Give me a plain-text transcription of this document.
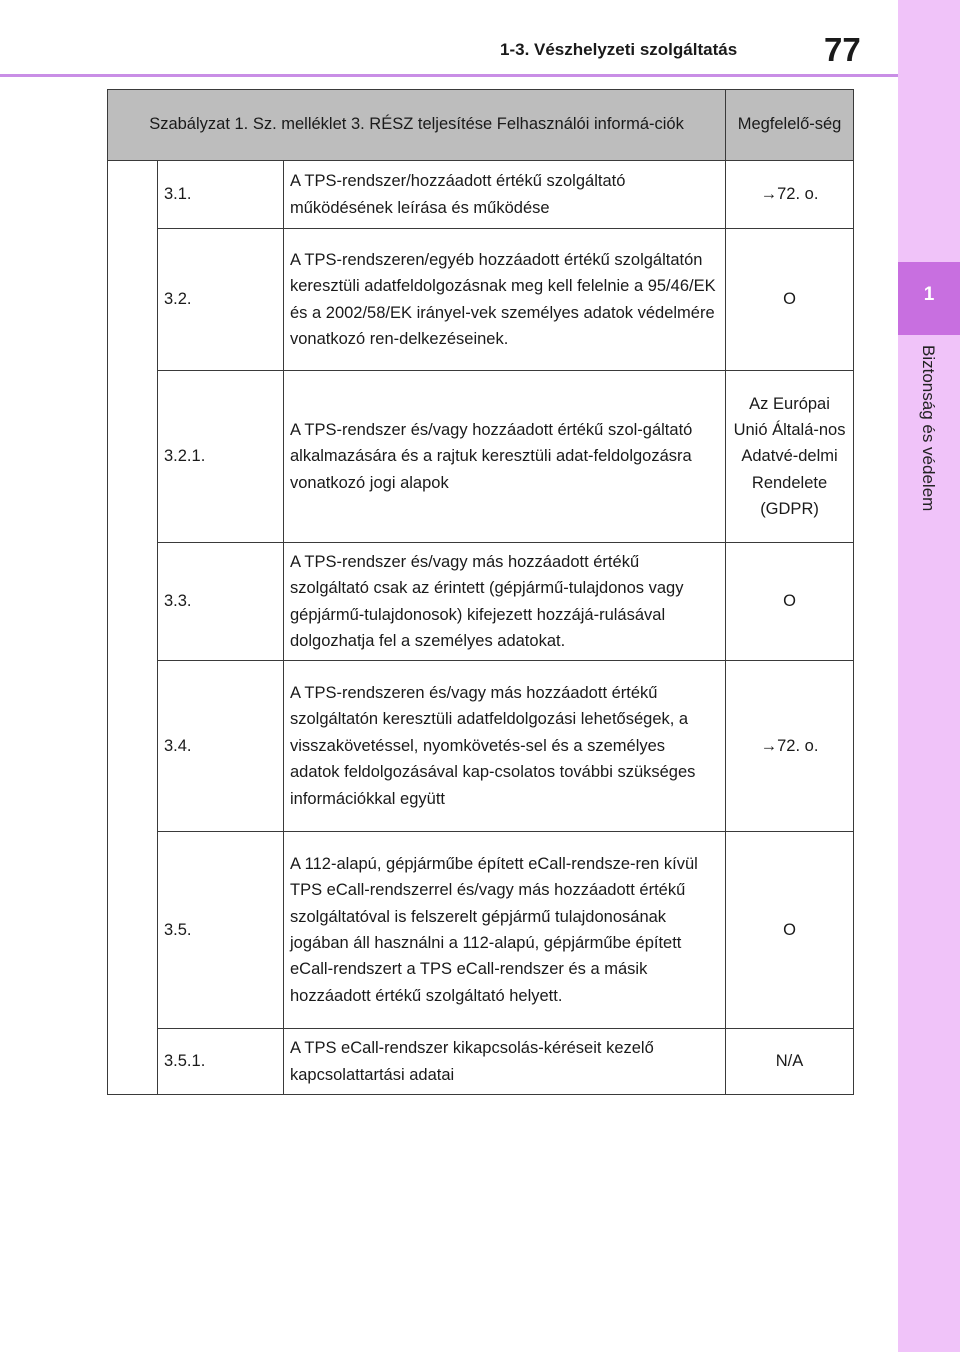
1-3. Vészhelyzeti szolgáltatás	77
1
Biztonság és védelem
Szabályzat 1. Sz. melléklet 3. RÉSZ teljesítése Felhasználói informá-ciók			Megfelelő-ség
	3.1.	A TPS-rendszer/hozzáadott értékű szolgáltató működésének leírása és működése	→72. o.
	3.2.	A TPS-rendszeren/egyéb hozzáadott értékű szolgáltatón keresztüli adatfeldolgozásnak meg kell felelnie a 95/46/EK és a 2002/58/EK irányel-vek személyes adatok védelmére vonatkozó ren-delkezéseinek.	O
	3.2.1.	A TPS-rendszer és/vagy hozzáadott értékű szol-gáltató alkalmazására és a rajtuk keresztüli adat-feldolgozásra vonatkozó jogi alapok	Az Európai Unió Általá-nos Adatvé-delmi Rendelete (GDPR)
	3.3.	A TPS-rendszer és/vagy más hozzáadott értékű szolgáltató csak az érintett (gépjármű-tulajdonos vagy gépjármű-tulajdonosok) kifejezett hozzájá-rulásával dolgozhatja fel a személyes adatokat.	O
	3.4.	A TPS-rendszeren és/vagy más hozzáadott értékű szolgáltatón keresztüli adatfeldolgozási lehetőségek, a visszakövetéssel, nyomkövetés-sel és a személyes adatok feldolgozásával kap-csolatos további szükséges információkkal együtt	→72. o.
	3.5.	A 112-alapú, gépjárműbe épített eCall-rendsze-ren kívül TPS eCall-rendszerrel és/vagy más hozzáadott értékű szolgáltatóval is felszerelt gépjármű tulajdonosának jogában áll használni a 112-alapú, gépjárműbe épített eCall-rendszert a TPS eCall-rendszer és a másik hozzáadott értékű szolgáltató helyett.	O
	3.5.1.	A TPS eCall-rendszer kikapcsolás-kéréseit kezelő kapcsolattartási adatai	N/A
